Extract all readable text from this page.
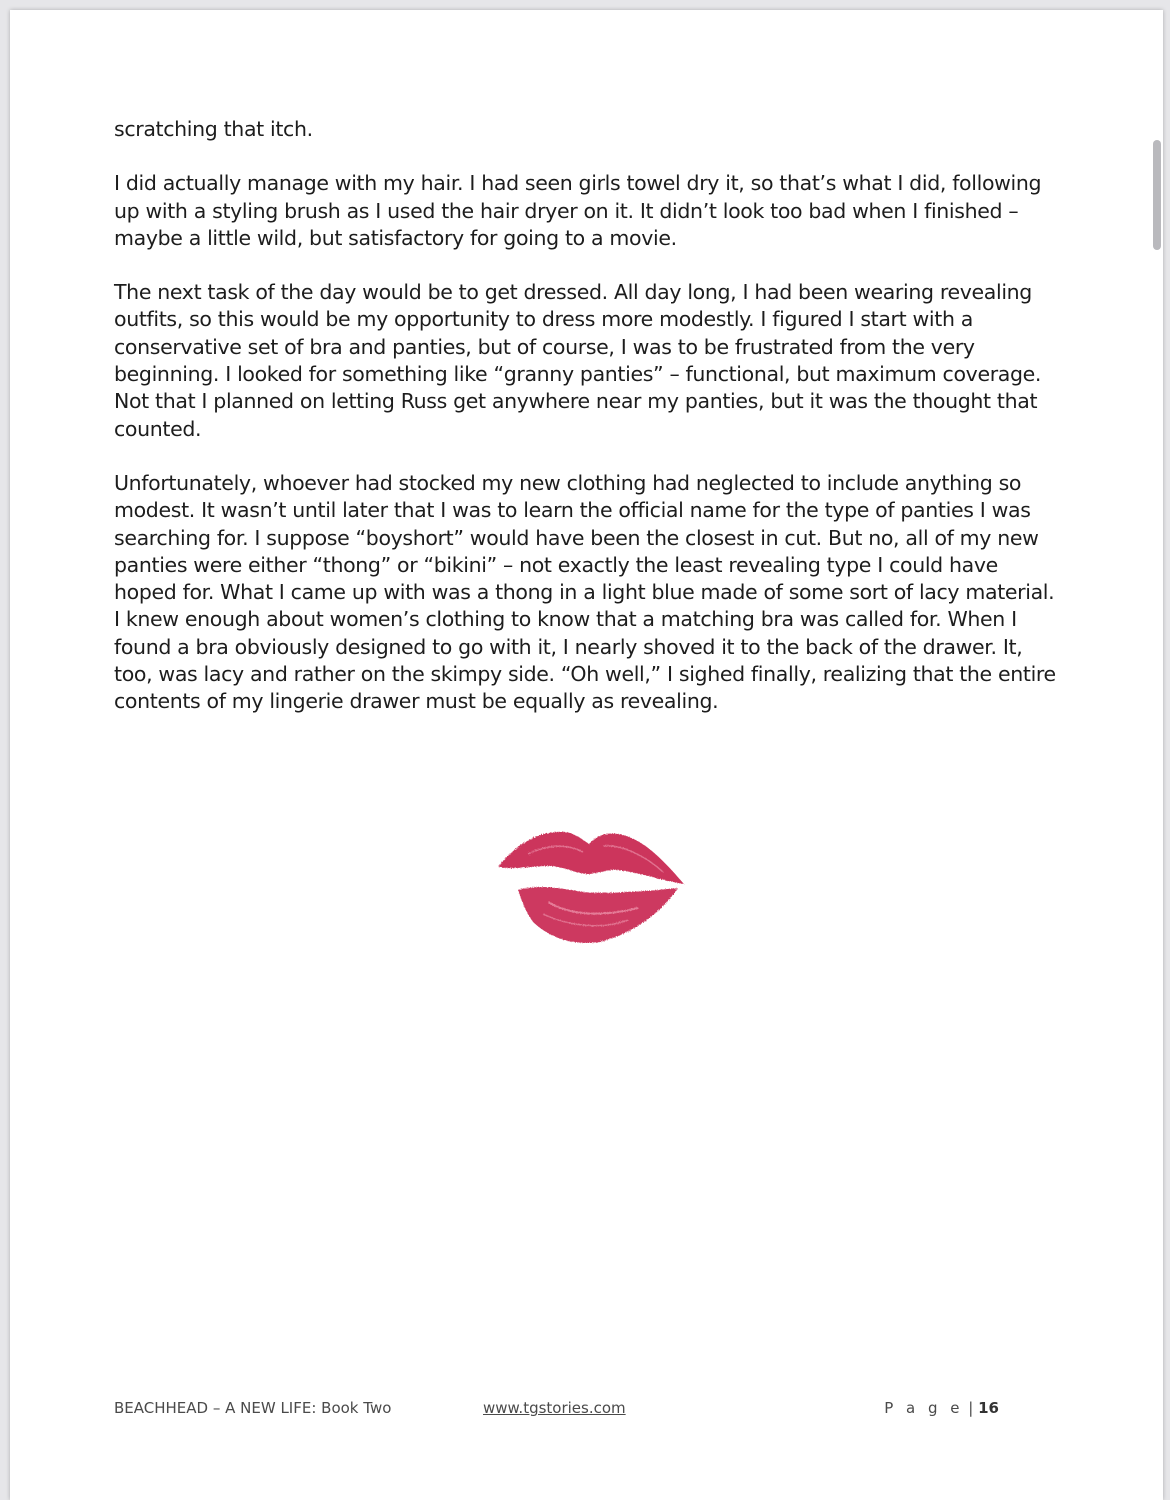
scratching that itch.

I did actually manage with my hair. I had seen girls towel dry it, so that’s what I did, following up with a styling brush as I used the hair dryer on it. It didn’t look too bad when I finished – maybe a little wild, but satisfactory for going to a movie.

The next task of the day would be to get dressed. All day long, I had been wearing revealing outfits, so this would be my opportunity to dress more modestly. I figured I start with a conservative set of bra and panties, but of course, I was to be frustrated from the very beginning. I looked for something like “granny panties” – functional, but maximum coverage. Not that I planned on letting Russ get anywhere near my panties, but it was the thought that counted.

Unfortunately, whoever had stocked my new clothing had neglected to include anything so modest. It wasn’t until later that I was to learn the official name for the type of panties I was searching for. I suppose “boyshort” would have been the closest in cut. But no, all of my new panties were either “thong” or “bikini” – not exactly the least revealing type I could have hoped for. What I came up with was a thong in a light blue made of some sort of lacy material. I knew enough about women’s clothing to know that a matching bra was called for. When I found a bra obviously designed to go with it, I nearly shoved it to the back of the drawer. It, too, was lacy and rather on the skimpy side. “Oh well,” I sighed finally, realizing that the entire contents of my lingerie drawer must be equally as revealing.

BEACHHEAD – A NEW LIFE: Book Two	www.tgstories.com	P a g e | 16
